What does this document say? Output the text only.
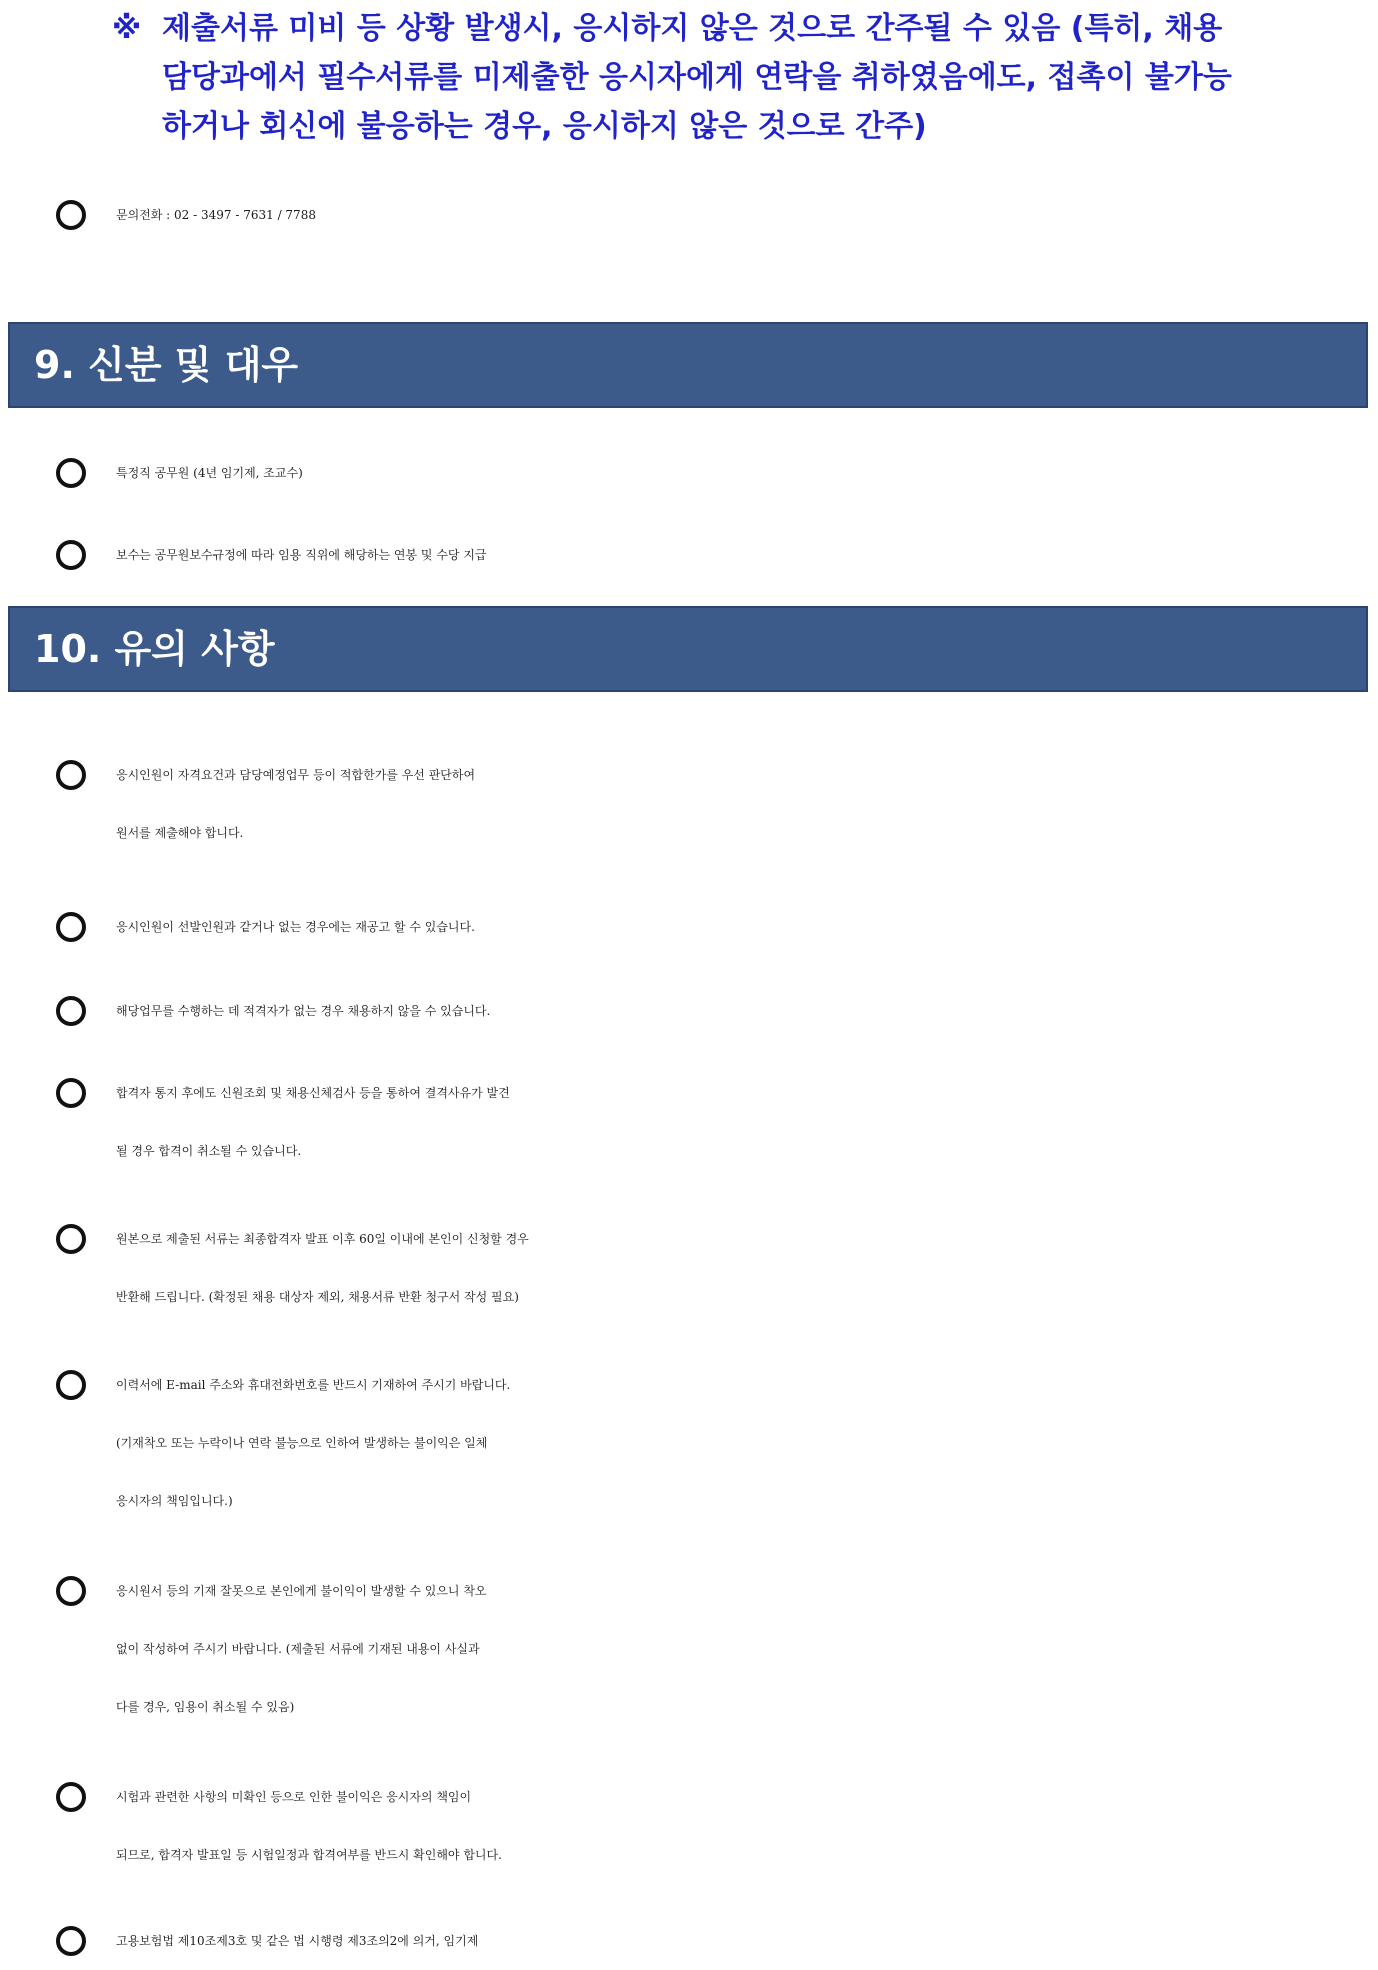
※ 제출서류 미비 등 상황 발생시, 응시하지 않은 것으로 간주될 수 있음 (특히, 채용
담당과에서 필수서류를 미제출한 응시자에게 연락을 취하였음에도, 접촉이 불가능
하거나 회신에 불응하는 경우, 응시하지 않은 것으로 간주)
문의전화 : 02 - 3497 - 7631 / 7788
9. 신분 및 대우
특정직 공무원 (4년 임기제, 조교수)
보수는 공무원보수규정에 따라 임용 직위에 해당하는 연봉 및 수당 지급
10. 유의 사항
응시인원이 자격요건과 담당예정업무 등이 적합한가를 우선 판단하여
원서를 제출해야 합니다.
응시인원이 선발인원과 같거나 없는 경우에는 재공고 할 수 있습니다.
해당업무를 수행하는 데 적격자가 없는 경우 채용하지 않을 수 있습니다.
합격자 통지 후에도 신원조회 및 채용신체검사 등을 통하여 결격사유가 발견
될 경우 합격이 취소될 수 있습니다.
원본으로 제출된 서류는 최종합격자 발표 이후 60일 이내에 본인이 신청할 경우
반환해 드립니다. (확정된 채용 대상자 제외, 채용서류 반환 청구서 작성 필요)
이력서에 E-mail 주소와 휴대전화번호를 반드시 기재하여 주시기 바랍니다.
(기재착오 또는 누락이나 연락 불능으로 인하여 발생하는 불이익은 일체
응시자의 책임입니다.)
응시원서 등의 기재 잘못으로 본인에게 불이익이 발생할 수 있으니 착오
없이 작성하여 주시기 바랍니다. (제출된 서류에 기재된 내용이 사실과
다를 경우, 임용이 취소될 수 있음)
시험과 관련한 사항의 미확인 등으로 인한 불이익은 응시자의 책임이
되므로, 합격자 발표일 등 시험일정과 합격여부를 반드시 확인해야 합니다.
고용보험법 제10조제3호 및 같은 법 시행령 제3조의2에 의거, 임기제
